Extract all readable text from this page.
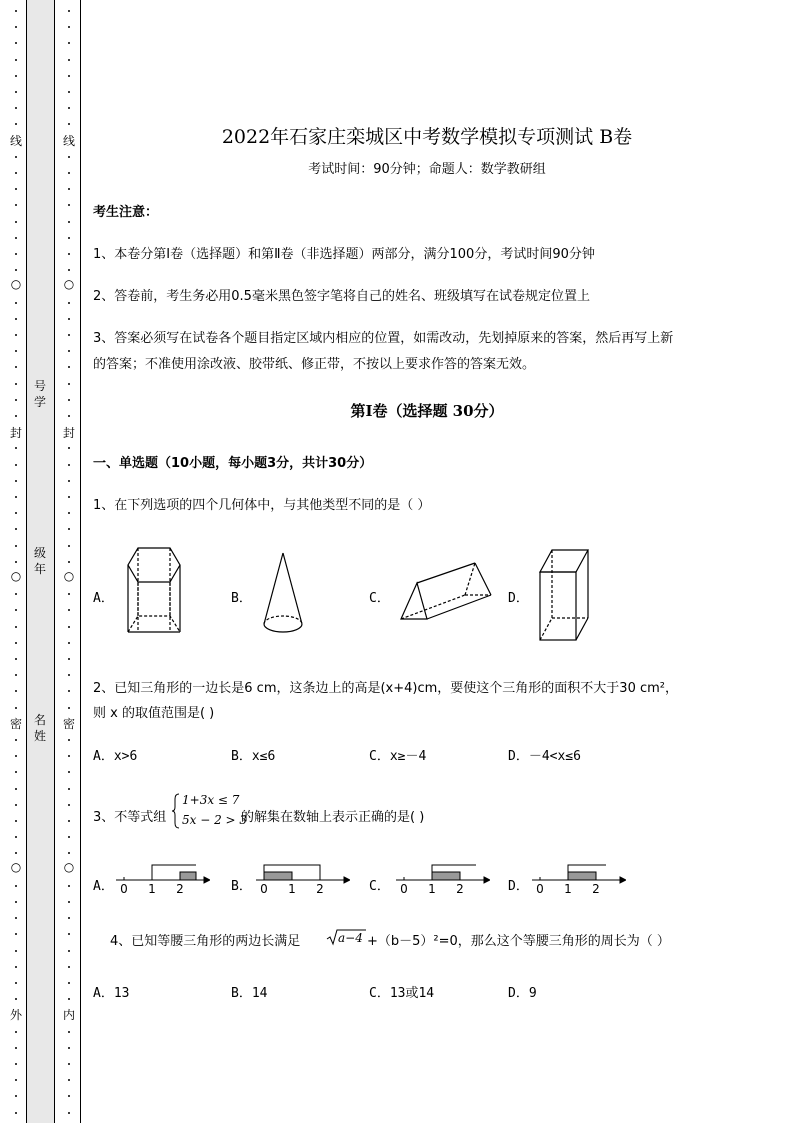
线
封
密
外
○
○
○
线
封
密
内
○
○
○
号
学
级
年
名
姓
2022年石家庄栾城区中考数学模拟专项测试 B卷
考试时间：90分钟；命题人：数学教研组
考生注意：
1、本卷分第I卷（选择题）和第Ⅱ卷（非选择题）两部分，满分100分，考试时间90分钟
2、答卷前，考生务必用0.5毫米黑色签字笔将自己的姓名、班级填写在试卷规定位置上
3、答案必须写在试卷各个题目指定区域内相应的位置，如需改动，先划掉原来的答案，然后再写上新
的答案；不准使用涂改液、胶带纸、修正带，不按以上要求作答的答案无效。
第I卷（选择题 30分）
一、单选题（10小题，每小题3分，共计30分）
1、在下列选项的四个几何体中，与其他类型不同的是（ ）
A．	B．	C．	D．
2、已知三角形的一边长是6 cm，这条边上的高是(x+4)cm，要使这个三角形的面积不大于30 cm²，
则 x 的取值范围是( )
A．x>6	B．x≤6	C．x≥－4	D．－4<x≤6
3、不等式组
1+3x ≤ 7
5x − 2 > 3
的解集在数轴上表示正确的是( )
A．	B．	C．	D．
0 1 2	0 1 2	0 1 2	0 1 2
4、已知等腰三角形的两边长满足	a−4 +（b－5）²=0，那么这个等腰三角形的周长为（ ）
A．13	B．14	C．13或14	D．9
